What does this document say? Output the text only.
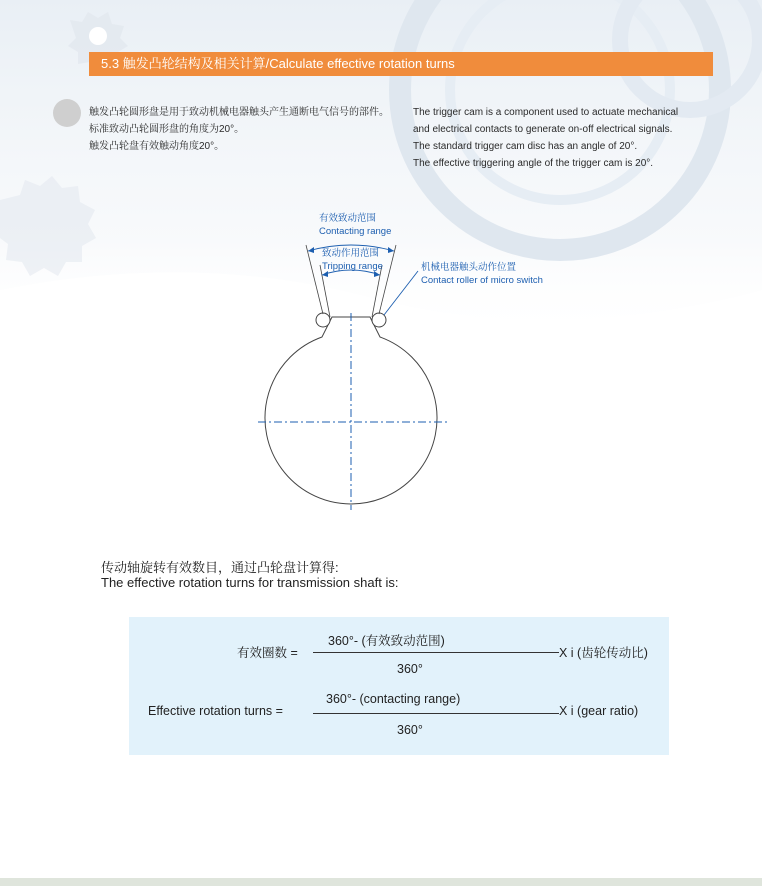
5.3 触发凸轮结构及相关计算/Calculate effective rotation turns
触发凸轮圆形盘是用于致动机械电器触头产生通断电气信号的部件。
标准致动凸轮圆形盘的角度为20°。
触发凸轮盘有效触动角度20°。
The trigger cam is a component used to actuate mechanical
and electrical contacts to generate on-off electrical signals.
The standard trigger cam disc has an angle of 20°.
The effective triggering angle of the trigger cam is 20°.
有效致动范围
Contacting range
致动作用范围
Tripping range	机械电器触头动作位置
Contact roller of micro switch
传动轴旋转有效数目，通过凸轮盘计算得:
The effective rotation turns for transmission shaft is:
有效圈数 =
360°- (有效致动范围)
360°
X i (齿轮传动比)
Effective rotation turns =
360°- (contacting range)
360°
X i (gear ratio)
